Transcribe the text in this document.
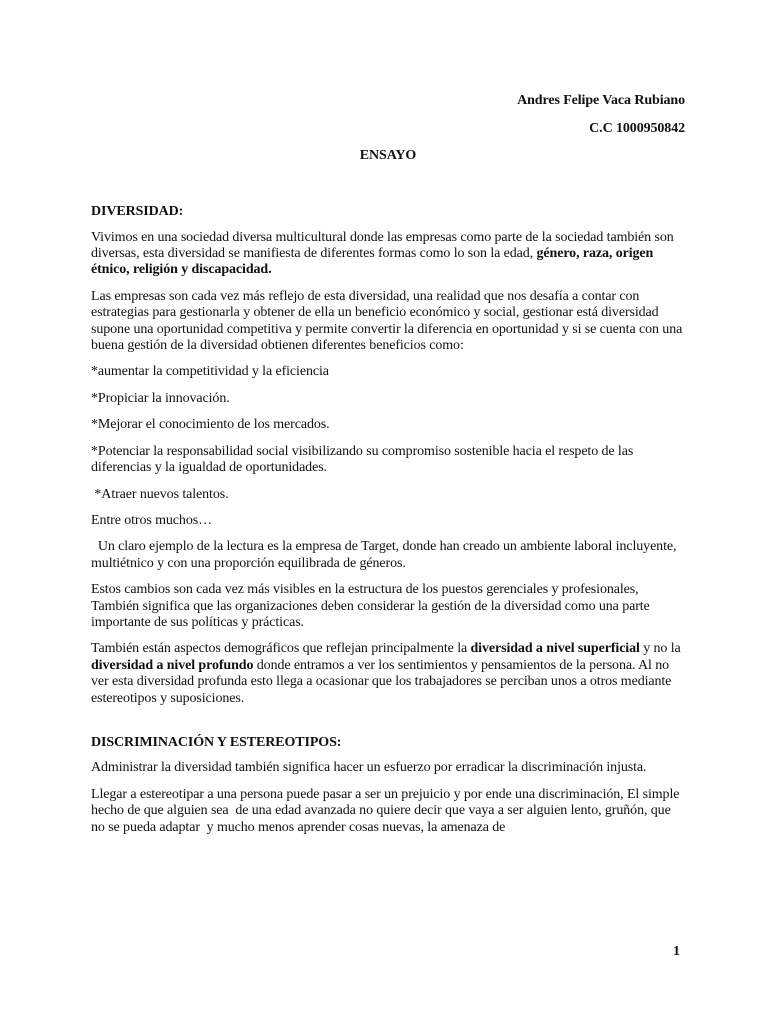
Andres Felipe Vaca Rubiano

C.C 1000950842

ENSAYO

DIVERSIDAD:

Vivimos en una sociedad diversa multicultural donde las empresas como parte de la sociedad también son diversas, esta diversidad se manifiesta de diferentes formas como lo son la edad, género, raza, origen étnico, religión y discapacidad.

Las empresas son cada vez más reflejo de esta diversidad, una realidad que nos desafía a contar con estrategias para gestionarla y obtener de ella un beneficio económico y social, gestionar está diversidad supone una oportunidad competitiva y permite convertir la diferencia en oportunidad y si se cuenta con una buena gestión de la diversidad obtienen diferentes beneficios como:

*aumentar la competitividad y la eficiencia

*Propiciar la innovación.

*Mejorar el conocimiento de los mercados.

*Potenciar la responsabilidad social visibilizando su compromiso sostenible hacia el respeto de las diferencias y la igualdad de oportunidades.

*Atraer nuevos talentos.

Entre otros muchos…

Un claro ejemplo de la lectura es la empresa de Target, donde han creado un ambiente laboral incluyente, multiétnico y con una proporción equilibrada de géneros.

Estos cambios son cada vez más visibles en la estructura de los puestos gerenciales y profesionales, También significa que las organizaciones deben considerar la gestión de la diversidad como una parte importante de sus políticas y prácticas.

También están aspectos demográficos que reflejan principalmente la diversidad a nivel superficial y no la diversidad a nivel profundo donde entramos a ver los sentimientos y pensamientos de la persona. Al no ver esta diversidad profunda esto llega a ocasionar que los trabajadores se perciban unos a otros mediante estereotipos y suposiciones.

DISCRIMINACIÓN Y ESTEREOTIPOS:

Administrar la diversidad también significa hacer un esfuerzo por erradicar la discriminación injusta.

Llegar a estereotipar a una persona puede pasar a ser un prejuicio y por ende una discriminación, El simple hecho de que alguien sea  de una edad avanzada no quiere decir que vaya a ser alguien lento, gruñón, que no se pueda adaptar  y mucho menos aprender cosas nuevas, la amenaza de

1
